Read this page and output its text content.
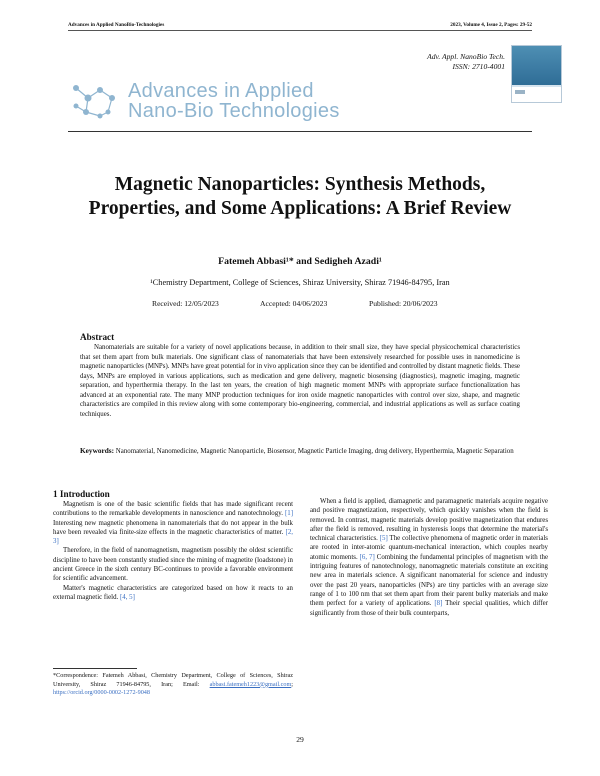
Advances in Applied NanoBio-Technologies	2023, Volume 4, Issue 2, Pages: 29-52
Adv. Appl. NanoBio Tech.
ISSN: 2710-4001
Advances in Applied
Nano-Bio Technologies
Magnetic Nanoparticles: Synthesis Methods, Properties, and Some Applications: A Brief Review
Fatemeh Abbasi¹* and Sedigheh Azadi¹
¹Chemistry Department, College of Sciences, Shiraz University, Shiraz 71946-84795, Iran
Received: 12/05/2023	Accepted: 04/06/2023	Published: 20/06/2023
Abstract
Nanomaterials are suitable for a variety of novel applications because, in addition to their small size, they have special physicochemical characteristics that set them apart from bulk materials. One significant class of nanomaterials that have been extensively researched for possible uses in nanomedicine is magnetic nanoparticles (MNPs). MNPs have great potential for in vivo application since they can be identified and controlled by distant magnetic fields. These days, MNPs are employed in various applications, such as medication and gene delivery, magnetic biosensing (diagnostics), magnetic imaging, magnetic separation, and hyperthermia therapy. In the last ten years, the creation of high magnetic moment MNPs with appropriate surface functionalization has advanced at an exponential rate. The many MNP production techniques for iron oxide magnetic nanoparticles with control over size, shape, and magnetic characteristics are compiled in this review along with some contemporary bio-engineering, commercial, and industrial applications as well as surface coating techniques.
Keywords: Nanomaterial, Nanomedicine, Magnetic Nanoparticle, Biosensor, Magnetic Particle Imaging, drug delivery, Hyperthermia, Magnetic Separation
1 Introduction

Magnetism is one of the basic scientific fields that has made significant recent contributions to the remarkable developments in nanoscience and nanotechnology. [1] Interesting new magnetic phenomena in nanomaterials that do not appear in the bulk have been revealed via finite-size effects in the magnetic characteristics of matter. [2, 3]

Therefore, in the field of nanomagnetism, magnetism possibly the oldest scientific discipline to have been constantly studied since the mining of magnetite (loadstone) in ancient Greece in the sixth century BC-continues to provide a favorable environment for scientific advancement.

Matter's magnetic characteristics are categorized based on how it reacts to an external magnetic field. [4, 5]

When a field is applied, diamagnetic and paramagnetic materials acquire negative and positive magnetization, respectively, which quickly vanishes when the field is removed. In contrast, magnetic materials develop positive magnetization that endures after the field is removed, resulting in hysteresis loops that determine the material's technical characteristics. [5] The collective phenomena of magnetic order in materials are rooted in inter-atomic quantum-mechanical interaction, which couples nearby atomic moments. [6, 7] Combining the fundamental principles of magnetism with the intriguing features of nanotechnology, nanomagnetic materials constitute an exciting new area in materials science. A significant nanomaterial for science and industry over the past 20 years, nanoparticles (NPs) are tiny particles with an average size range of 1 to 100 nm that set them apart from their parent bulky materials and make them perfect for a variety of applications. [8] Their special qualities, which differ significantly from those of their bulk counterparts,

*Correspondence: Fatemeh Abbasi, Chemistry Department, College of Sciences, Shiraz University, Shiraz 71946-84795, Iran; Email: abbasi.fatemeh1223@gmail.com; https://orcid.org/0000-0002-1272-9048
29
